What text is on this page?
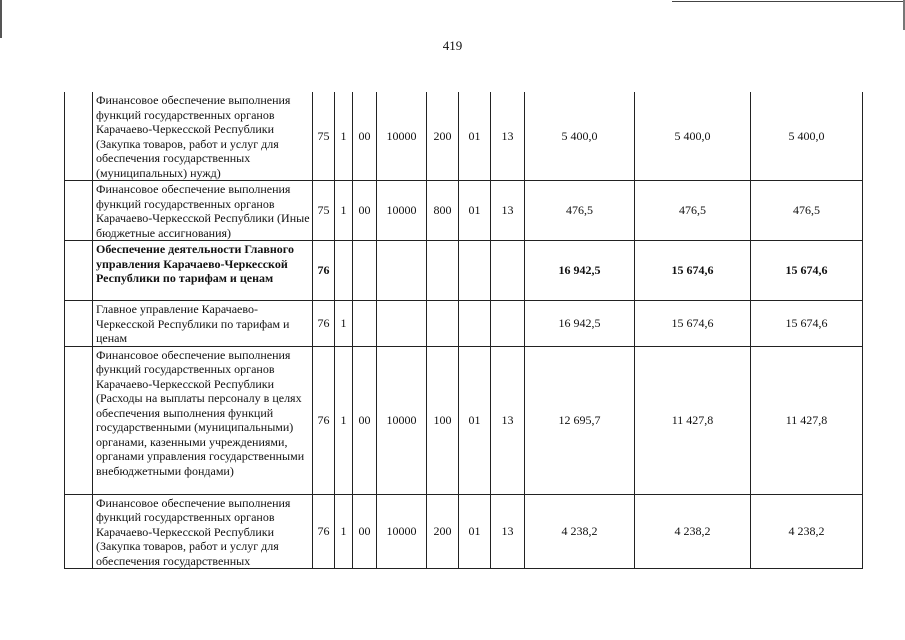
419
	Финансовое обеспечение выполнения функций государственных органов Карачаево-Черкесской Республики (Закупка товаров, работ и услуг для обеспечения государственных (муниципальных) нужд)	75	1	00	10000	200	01	13	5 400,0	5 400,0	5 400,0
	Финансовое обеспечение выполнения функций государственных органов Карачаево-Черкесской Республики (Иные бюджетные ассигнования)	75	1	00	10000	800	01	13	476,5	476,5	476,5
	Обеспечение деятельности Главного управления Карачаево-Черкесской Республики по тарифам и ценам	76							16 942,5	15 674,6	15 674,6
	Главное управление Карачаево-Черкесской Республики по тарифам и ценам	76	1						16 942,5	15 674,6	15 674,6
	Финансовое обеспечение выполнения функций государственных органов Карачаево-Черкесской Республики (Расходы на выплаты персоналу в целях обеспечения выполнения функций государственными (муниципальными) органами, казенными учреждениями, органами управления государственными внебюджетными фондами)	76	1	00	10000	100	01	13	12 695,7	11 427,8	11 427,8
	Финансовое обеспечение выполнения функций государственных органов Карачаево-Черкесской Республики (Закупка товаров, работ и услуг для обеспечения государственных	76	1	00	10000	200	01	13	4 238,2	4 238,2	4 238,2
